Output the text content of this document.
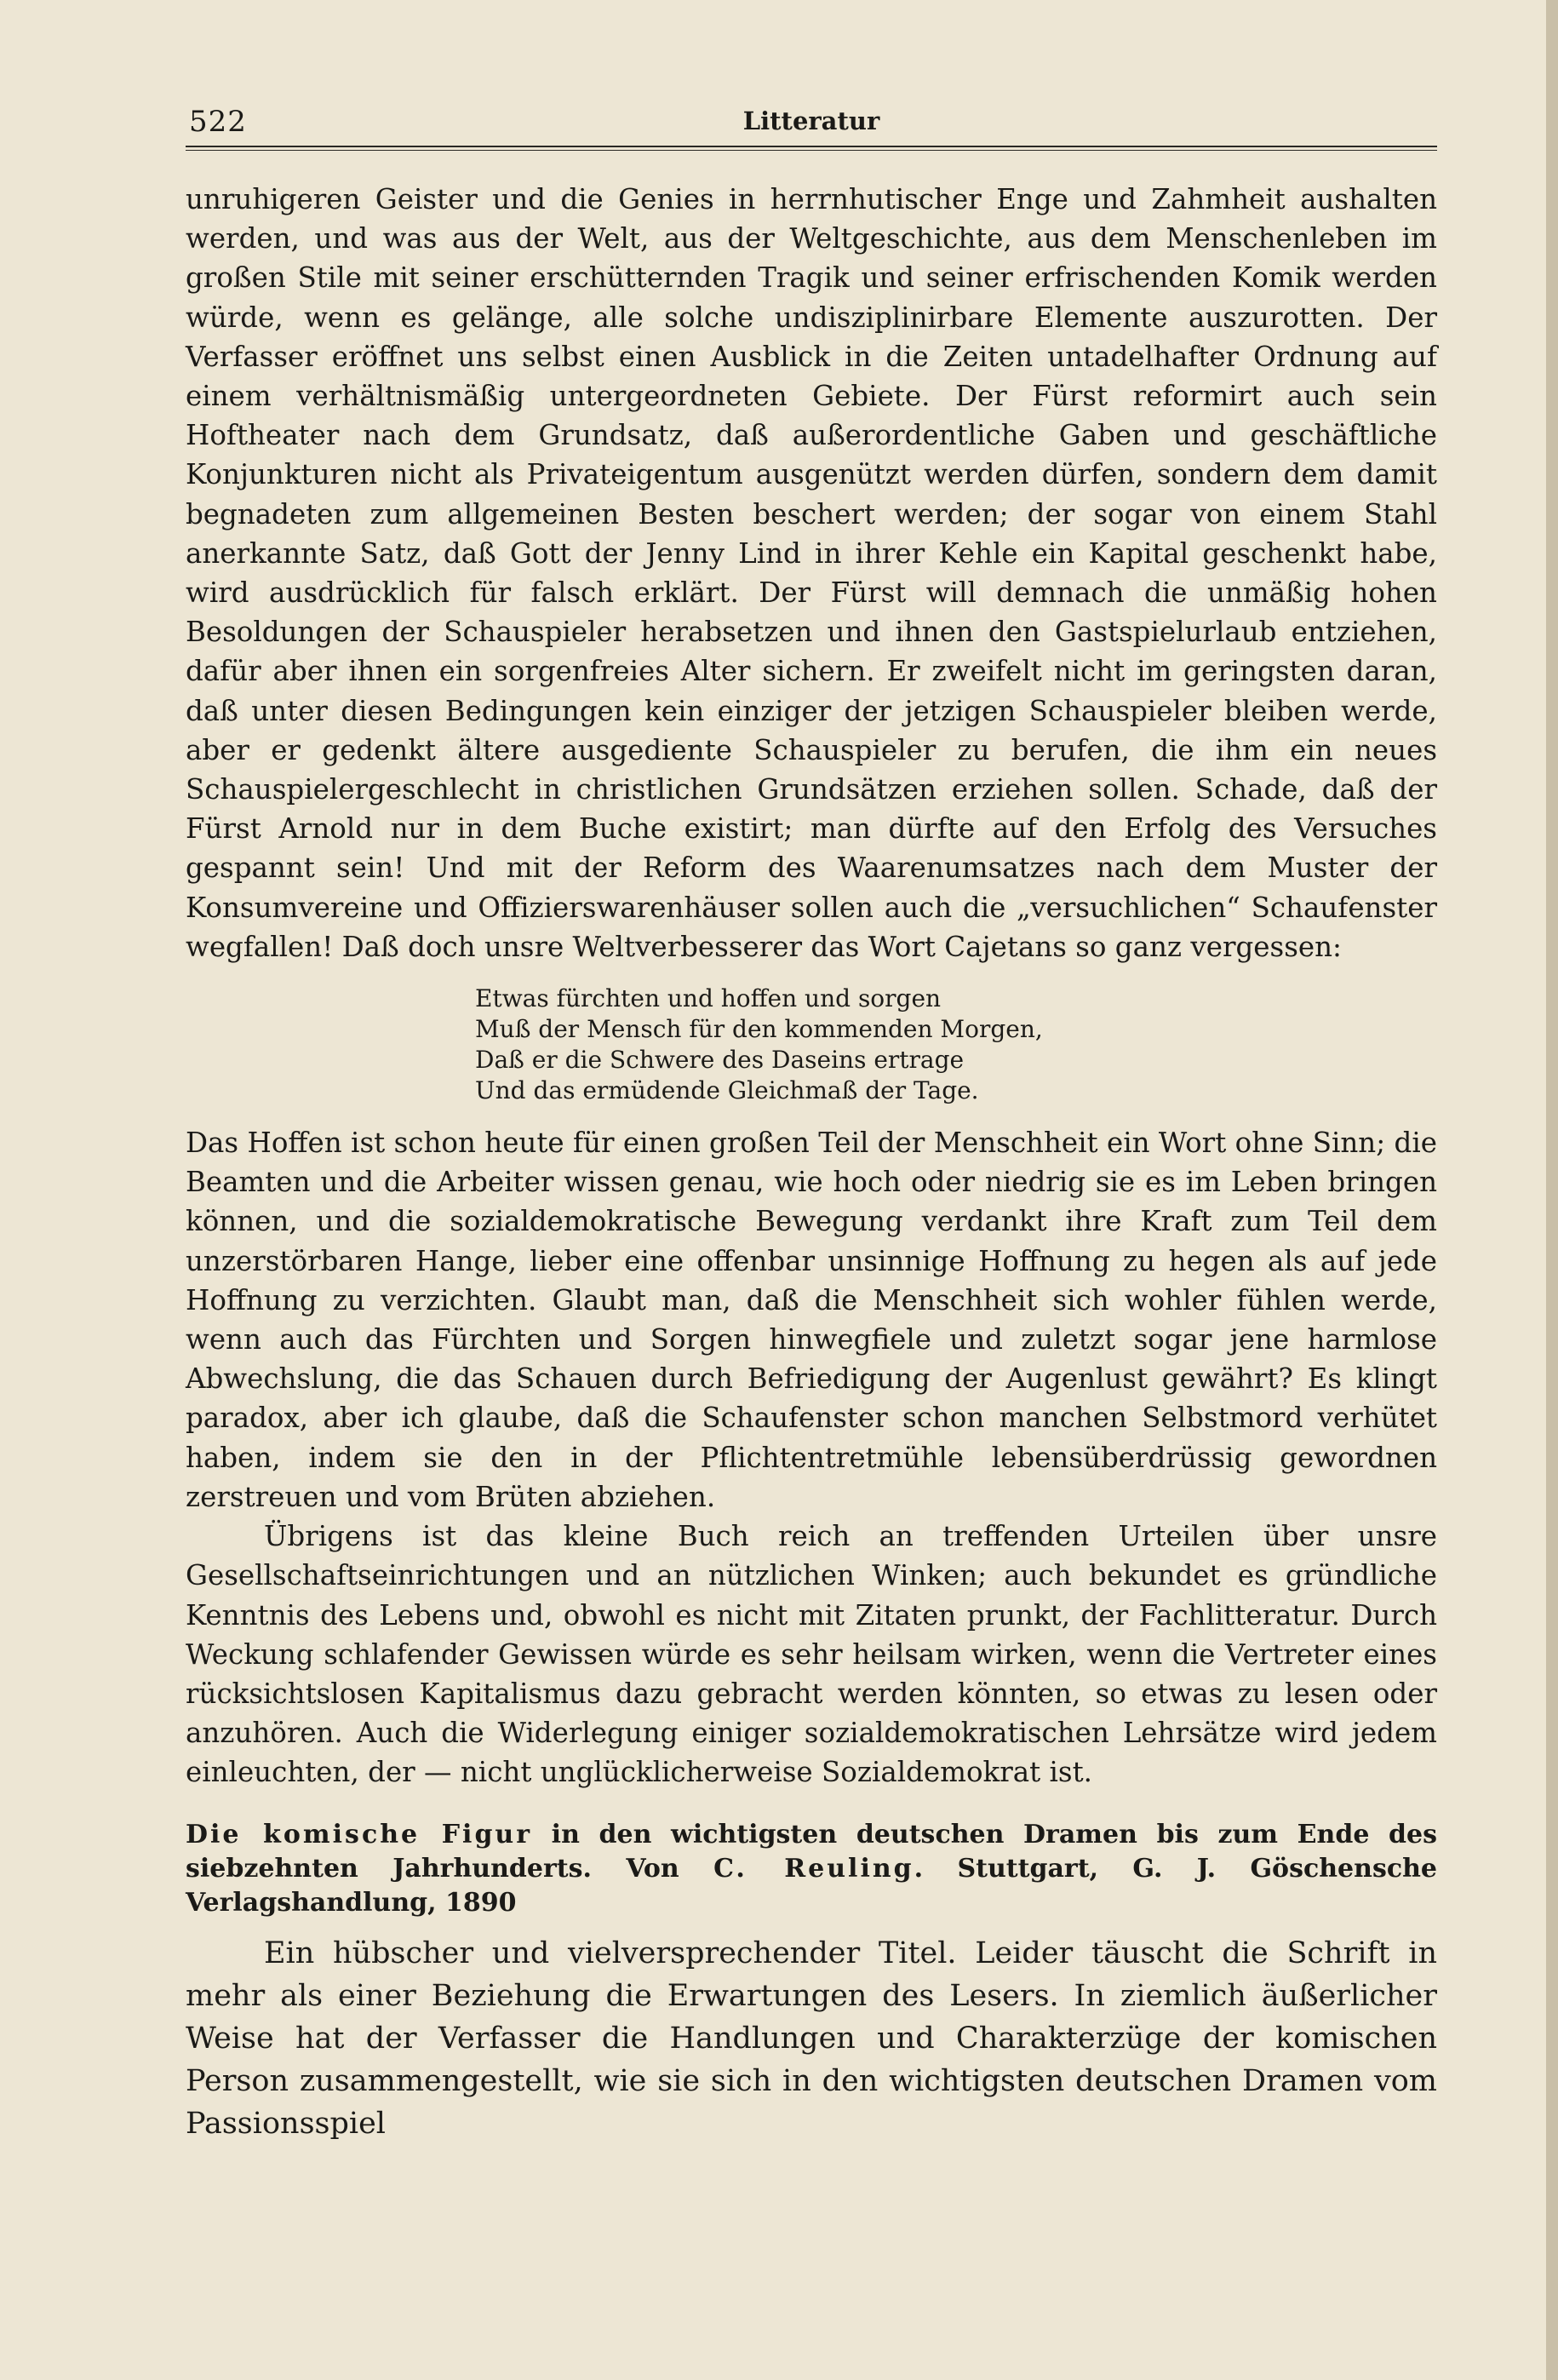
522	Litteratur

unruhigeren Geister und die Genies in herrnhutischer Enge und Zahmheit aushalten werden, und was aus der Welt, aus der Weltgeschichte, aus dem Menschenleben im großen Stile mit seiner erschütternden Tragik und seiner erfrischenden Komik werden würde, wenn es gelänge, alle solche undisziplinirbare Elemente auszurotten. Der Verfasser eröffnet uns selbst einen Ausblick in die Zeiten untadelhafter Ordnung auf einem verhältnismäßig untergeordneten Gebiete. Der Fürst reformirt auch sein Hoftheater nach dem Grundsatz, daß außerordentliche Gaben und geschäftliche Konjunkturen nicht als Privateigentum ausgenützt werden dürfen, sondern dem damit begnadeten zum allgemeinen Besten beschert werden; der sogar von einem Stahl anerkannte Satz, daß Gott der Jenny Lind in ihrer Kehle ein Kapital geschenkt habe, wird ausdrücklich für falsch erklärt. Der Fürst will demnach die unmäßig hohen Besoldungen der Schauspieler herabsetzen und ihnen den Gastspielurlaub entziehen, dafür aber ihnen ein sorgenfreies Alter sichern. Er zweifelt nicht im geringsten daran, daß unter diesen Bedingungen kein einziger der jetzigen Schauspieler bleiben werde, aber er gedenkt ältere ausgediente Schauspieler zu berufen, die ihm ein neues Schauspielergeschlecht in christlichen Grundsätzen erziehen sollen. Schade, daß der Fürst Arnold nur in dem Buche existirt; man dürfte auf den Erfolg des Versuches gespannt sein! Und mit der Reform des Waarenumsatzes nach dem Muster der Konsumvereine und Offizierswarenhäuser sollen auch die „versuchlichen“ Schaufenster wegfallen! Daß doch unsre Weltverbesserer das Wort Cajetans so ganz vergessen:

Etwas fürchten und hoffen und sorgen
Muß der Mensch für den kommenden Morgen,
Daß er die Schwere des Daseins ertrage
Und das ermüdende Gleichmaß der Tage.

Das Hoffen ist schon heute für einen großen Teil der Menschheit ein Wort ohne Sinn; die Beamten und die Arbeiter wissen genau, wie hoch oder niedrig sie es im Leben bringen können, und die sozialdemokratische Bewegung verdankt ihre Kraft zum Teil dem unzerstörbaren Hange, lieber eine offenbar unsinnige Hoffnung zu hegen als auf jede Hoffnung zu verzichten. Glaubt man, daß die Menschheit sich wohler fühlen werde, wenn auch das Fürchten und Sorgen hinwegfiele und zuletzt sogar jene harmlose Abwechslung, die das Schauen durch Befriedigung der Augenlust gewährt? Es klingt paradox, aber ich glaube, daß die Schaufenster schon manchen Selbstmord verhütet haben, indem sie den in der Pflichtentretmühle lebensüberdrüssig gewordnen zerstreuen und vom Brüten abziehen.

Übrigens ist das kleine Buch reich an treffenden Urteilen über unsre Gesellschaftseinrichtungen und an nützlichen Winken; auch bekundet es gründliche Kenntnis des Lebens und, obwohl es nicht mit Zitaten prunkt, der Fachlitteratur. Durch Weckung schlafender Gewissen würde es sehr heilsam wirken, wenn die Vertreter eines rücksichtslosen Kapitalismus dazu gebracht werden könnten, so etwas zu lesen oder anzuhören. Auch die Widerlegung einiger sozialdemokratischen Lehrsätze wird jedem einleuchten, der — nicht unglücklicherweise Sozialdemokrat ist.

Die komische Figur in den wichtigsten deutschen Dramen bis zum Ende des siebzehnten Jahrhunderts. Von C. Reuling. Stuttgart, G. J. Göschensche Verlagshandlung, 1890

Ein hübscher und vielversprechender Titel. Leider täuscht die Schrift in mehr als einer Beziehung die Erwartungen des Lesers. In ziemlich äußerlicher Weise hat der Verfasser die Handlungen und Charakterzüge der komischen Person zusammengestellt, wie sie sich in den wichtigsten deutschen Dramen vom Passionsspiel
